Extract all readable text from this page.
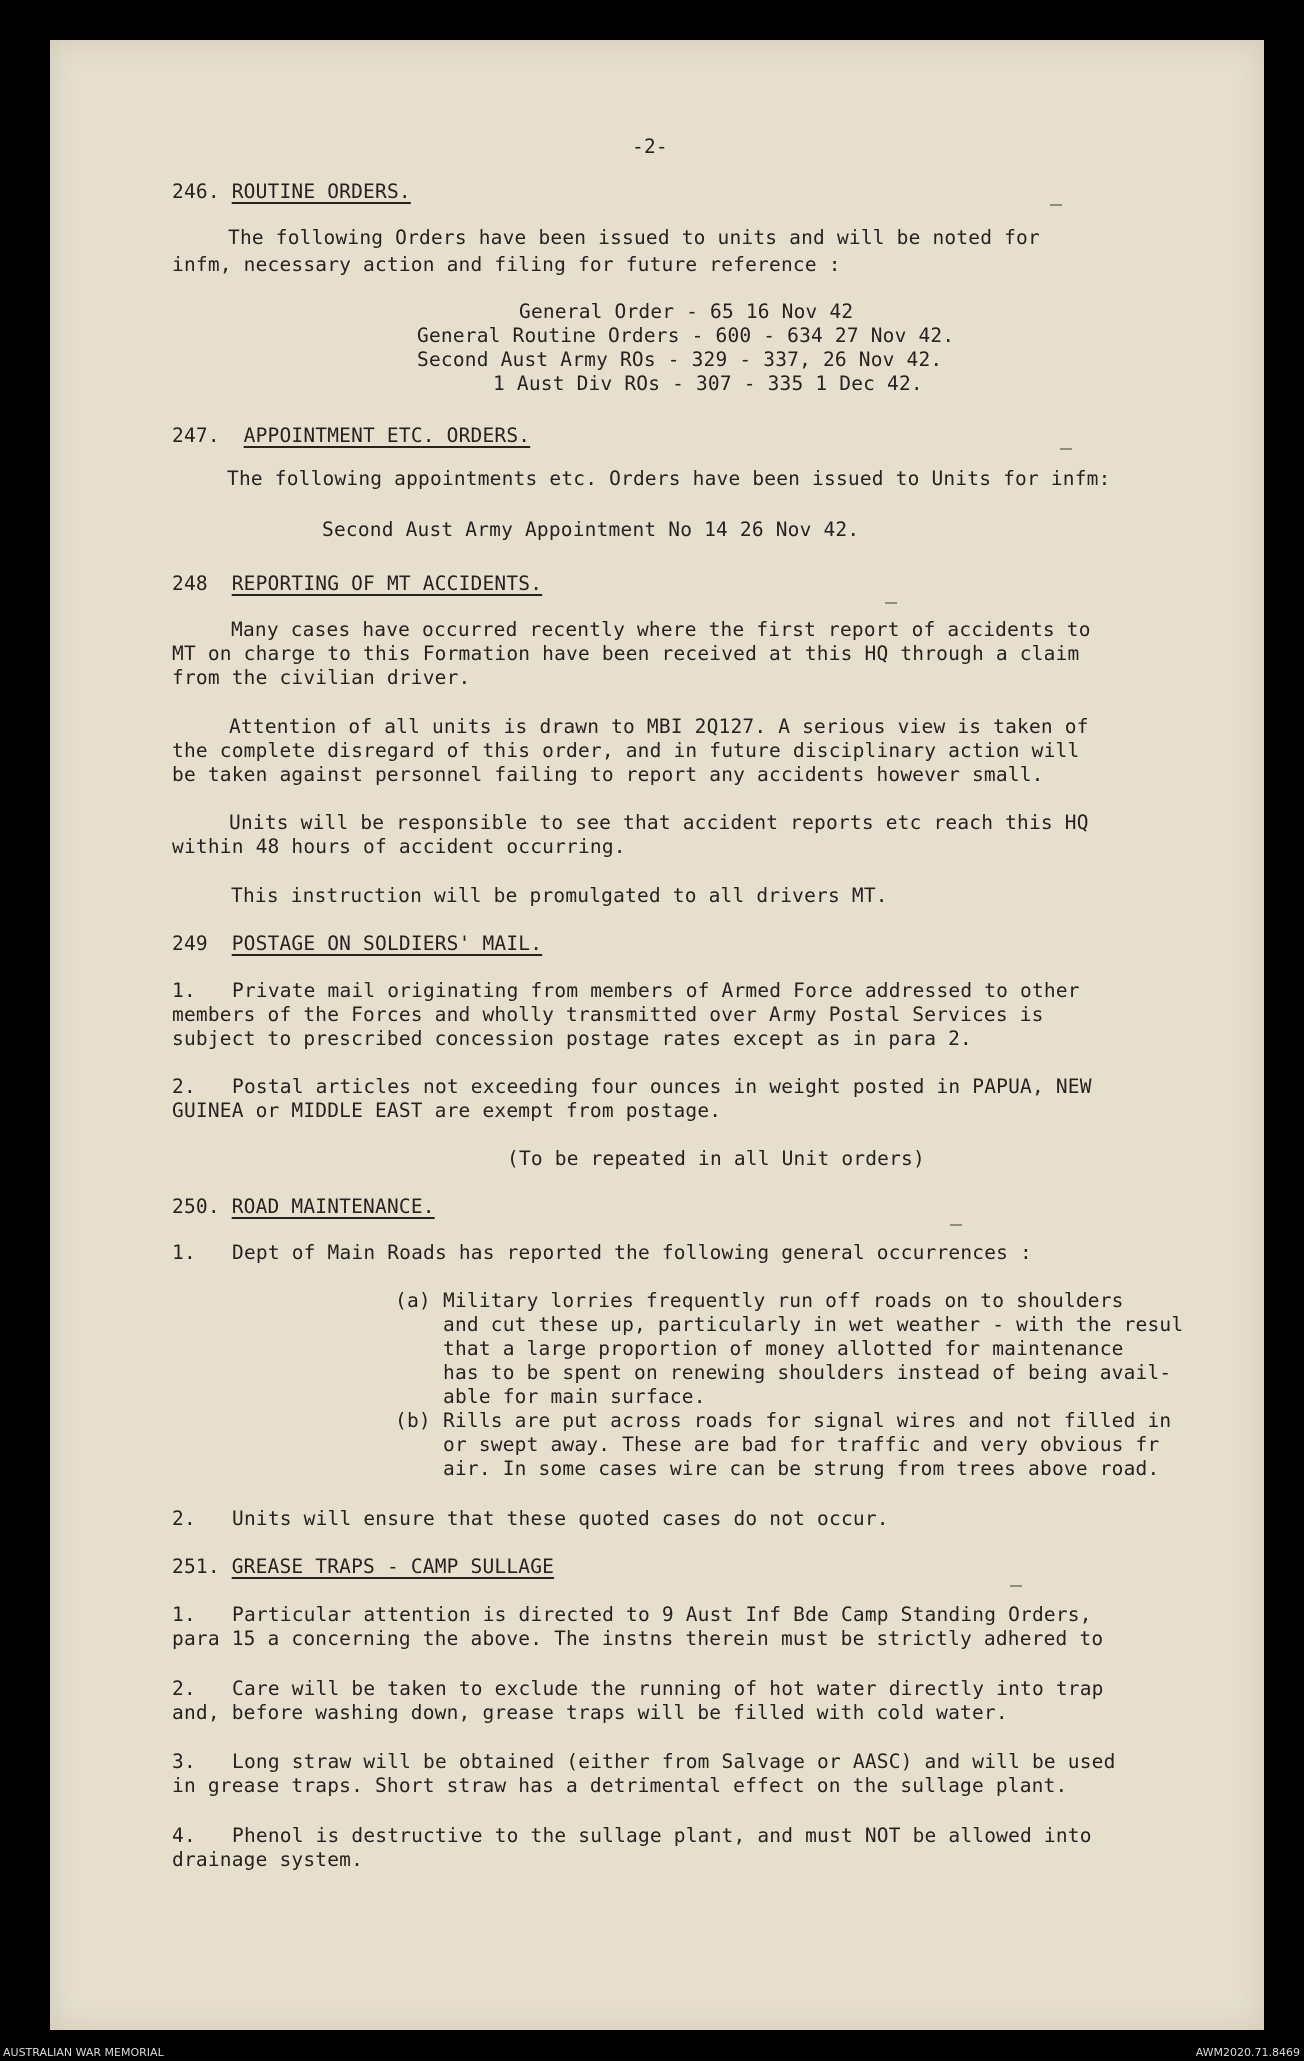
-2-
246. ROUTINE ORDERS.
The following Orders have been issued to units and will be noted for
infm, necessary action and filing for future reference :
General Order - 65 16 Nov 42
General Routine Orders - 600 - 634 27 Nov 42.
Second Aust Army ROs - 329 - 337, 26 Nov 42.
1 Aust Div ROs - 307 - 335 1 Dec 42.
247. APPOINTMENT ETC. ORDERS.
The following appointments etc. Orders have been issued to Units for infm:
Second Aust Army Appointment No 14 26 Nov 42.
248 REPORTING OF MT ACCIDENTS.
Many cases have occurred recently where the first report of accidents to
MT on charge to this Formation have been received at this HQ through a claim
from the civilian driver.
Attention of all units is drawn to MBI 2Q127. A serious view is taken of
the complete disregard of this order, and in future disciplinary action will
be taken against personnel failing to report any accidents however small.
Units will be responsible to see that accident reports etc reach this HQ
within 48 hours of accident occurring.
This instruction will be promulgated to all drivers MT.
249 POSTAGE ON SOLDIERS' MAIL.
1. Private mail originating from members of Armed Force addressed to other
members of the Forces and wholly transmitted over Army Postal Services is
subject to prescribed concession postage rates except as in para 2.
2. Postal articles not exceeding four ounces in weight posted in PAPUA, NEW
GUINEA or MIDDLE EAST are exempt from postage.
(To be repeated in all Unit orders)
250. ROAD MAINTENANCE.
1. Dept of Main Roads has reported the following general occurrences :
(a) Military lorries frequently run off roads on to shoulders
and cut these up, particularly in wet weather - with the resul
that a large proportion of money allotted for maintenance
has to be spent on renewing shoulders instead of being avail-
able for main surface.
(b) Rills are put across roads for signal wires and not filled in
or swept away. These are bad for traffic and very obvious fr
air. In some cases wire can be strung from trees above road.
2. Units will ensure that these quoted cases do not occur.
251. GREASE TRAPS - CAMP SULLAGE
1. Particular attention is directed to 9 Aust Inf Bde Camp Standing Orders,
para 15 a concerning the above. The instns therein must be strictly adhered to
2. Care will be taken to exclude the running of hot water directly into trap
and, before washing down, grease traps will be filled with cold water.
3. Long straw will be obtained (either from Salvage or AASC) and will be used
in grease traps. Short straw has a detrimental effect on the sullage plant.
4. Phenol is destructive to the sullage plant, and must NOT be allowed into
drainage system.
AUSTRALIAN WAR MEMORIAL	AWM2020.71.8469
